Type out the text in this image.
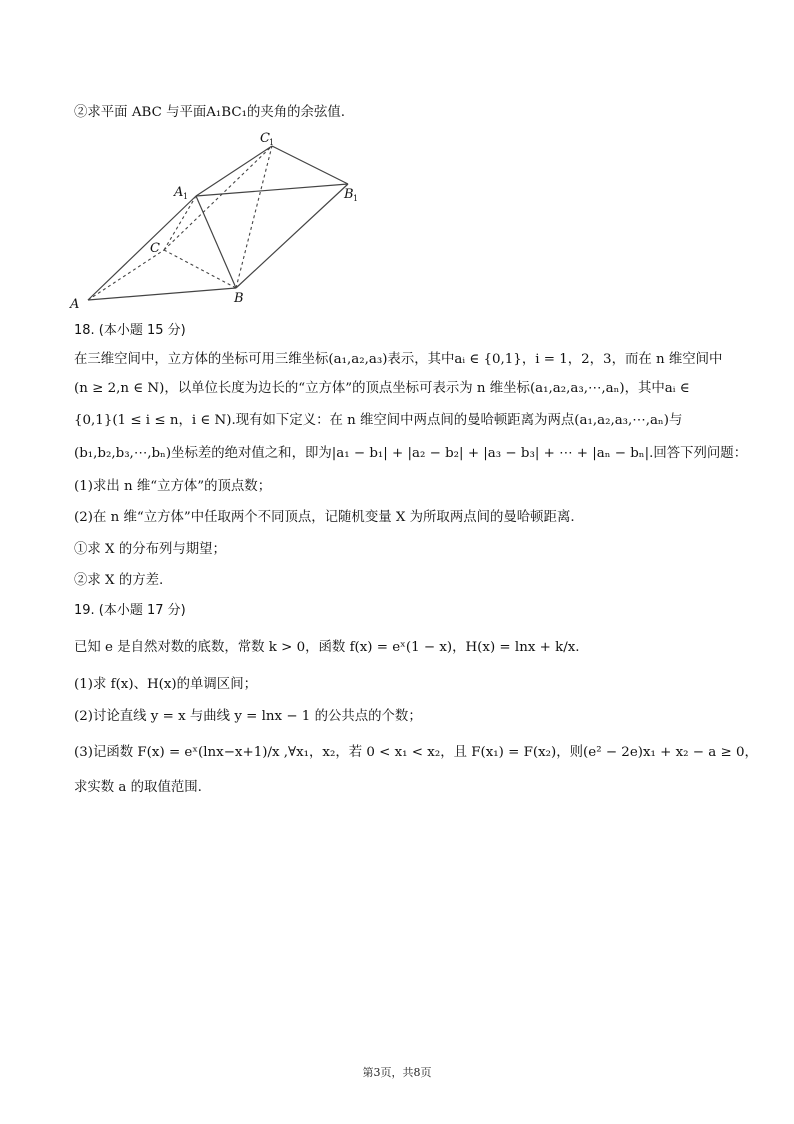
②求平面 ABC 与平面A₁BC₁的夹角的余弦值.
A	B
C
A 1	B 1
C 1
18. (本小题 15 分)
在三维空间中，立方体的坐标可用三维坐标(a₁,a₂,a₃)表示，其中aᵢ ∈ {0,1}，i = 1，2，3，而在 n 维空间中
(n ≥ 2,n ∈ N)，以单位长度为边长的“立方体”的顶点坐标可表示为 n 维坐标(a₁,a₂,a₃,⋯,aₙ)，其中aᵢ ∈
{0,1}(1 ≤ i ≤ n，i ∈ N).现有如下定义：在 n 维空间中两点间的曼哈顿距离为两点(a₁,a₂,a₃,⋯,aₙ)与
(b₁,b₂,b₃,⋯,bₙ)坐标差的绝对值之和，即为|a₁ − b₁| + |a₂ − b₂| + |a₃ − b₃| + ⋯ + |aₙ − bₙ|.回答下列问题：
(1)求出 n 维“立方体”的顶点数；
(2)在 n 维“立方体”中任取两个不同顶点，记随机变量 X 为所取两点间的曼哈顿距离.
①求 X 的分布列与期望；
②求 X 的方差.
19. (本小题 17 分)
已知 e 是自然对数的底数，常数 k > 0，函数 f(x) = eˣ(1 − x)，H(x) = lnx + k/x.
(1)求 f(x)、H(x)的单调区间；
(2)讨论直线 y = x 与曲线 y = lnx − 1 的公共点的个数；
(3)记函数 F(x) = eˣ(lnx−x+1)/x ,∀x₁，x₂，若 0 < x₁ < x₂，且 F(x₁) = F(x₂)，则(e² − 2e)x₁ + x₂ − a ≥ 0，
求实数 a 的取值范围.
第3页，共8页
